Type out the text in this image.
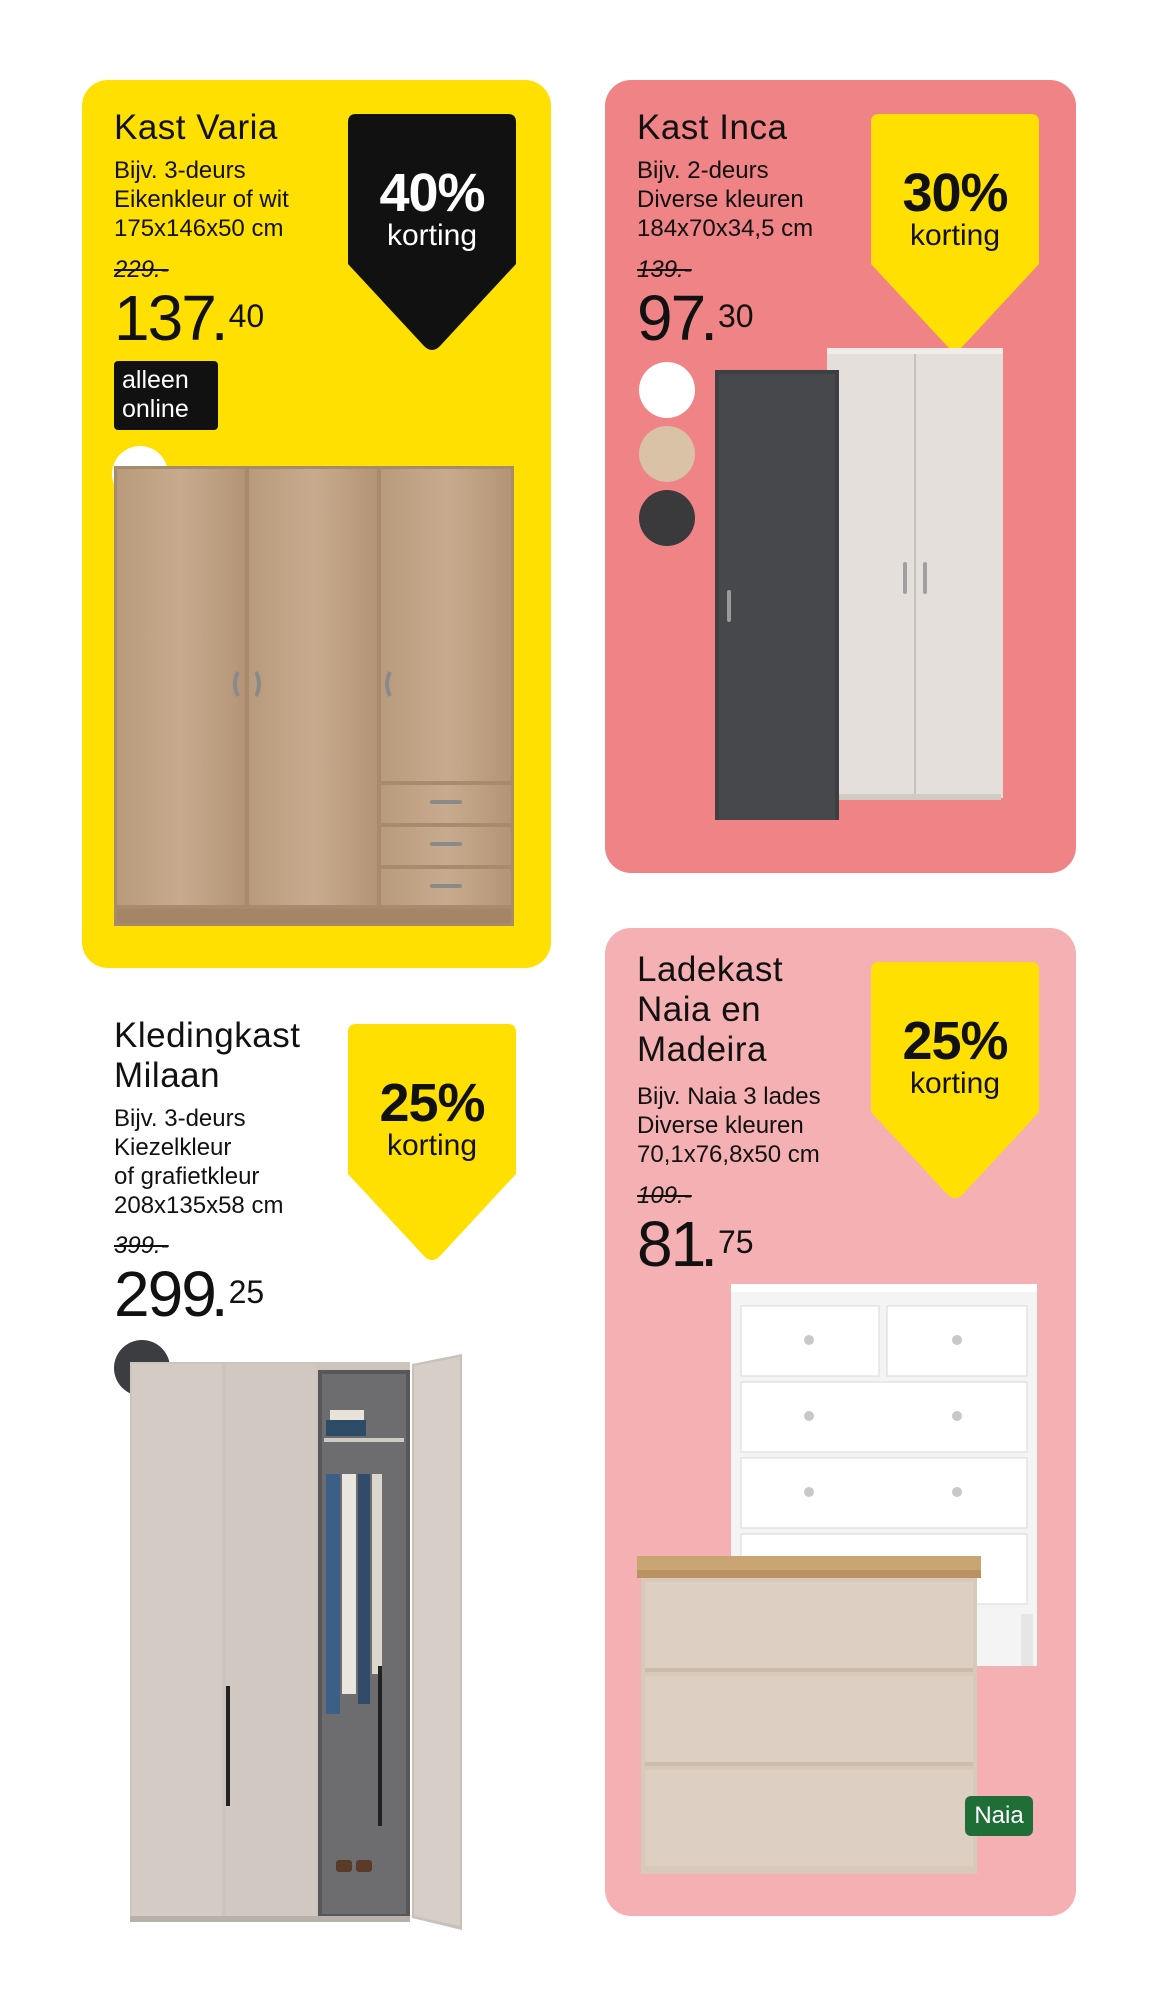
Kast Varia
Bijv. 3-deurs
Eikenkleur of wit
175x146x50 cm
229.-
137.40
alleen
online
40%
korting
Kast Inca
Bijv. 2-deurs
Diverse kleuren
184x70x34,5 cm
139.-
97.30
30%
korting
Kledingkast
Milaan
Bijv. 3-deurs
Kiezelkleur
of grafietkleur
208x135x58 cm
399.-
299.25
25%
korting
Ladekast
Naia en
Madeira
Bijv. Naia 3 lades
Diverse kleuren
70,1x76,8x50 cm
109.-
81.75
25%
korting
Naia
